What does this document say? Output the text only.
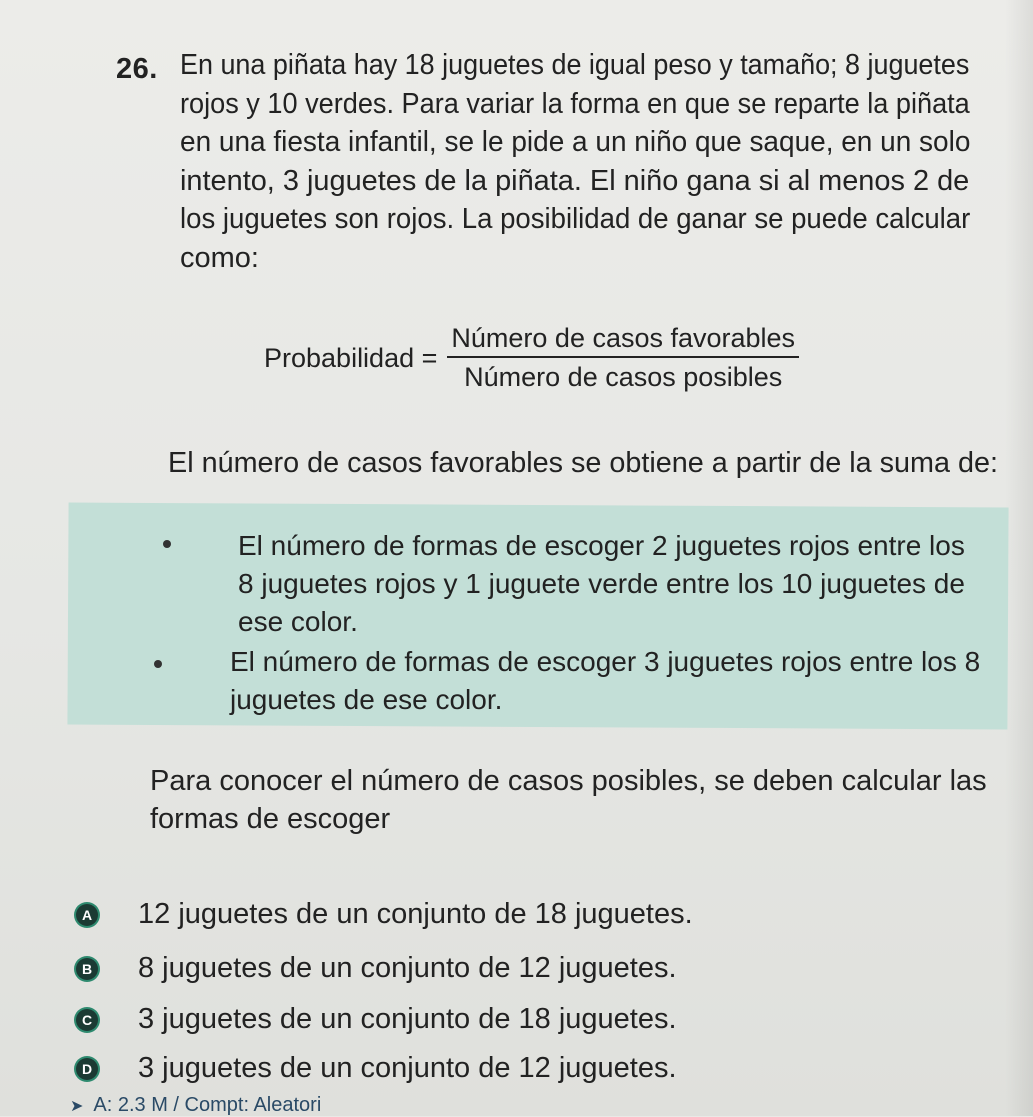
26. En una piñata hay 18 juguetes de igual peso y tamaño; 8 juguetes
rojos y 10 verdes. Para variar la forma en que se reparte la piñata
en una fiesta infantil, se le pide a un niño que saque, en un solo
intento, 3 juguetes de la piñata. El niño gana si al menos 2 de
los juguetes son rojos. La posibilidad de ganar se puede calcular
como:
Probabilidad = $\frac{\text{Número de casos favorables}}{\text{Número de casos posibles}}$
El número de casos favorables se obtiene a partir de la suma de:
El número de formas de escoger 2 juguetes rojos entre los
8 juguetes rojos y 1 juguete verde entre los 10 juguetes de
ese color.
El número de formas de escoger 3 juguetes rojos entre los 8
juguetes de ese color.
Para conocer el número de casos posibles, se deben calcular las
formas de escoger
A 12 juguetes de un conjunto de 18 juguetes.
B 8 juguetes de un conjunto de 12 juguetes.
C 3 juguetes de un conjunto de 18 juguetes.
D 3 juguetes de un conjunto de 12 juguetes.
➤ A: 2.3 M / Compt: Aleatori
